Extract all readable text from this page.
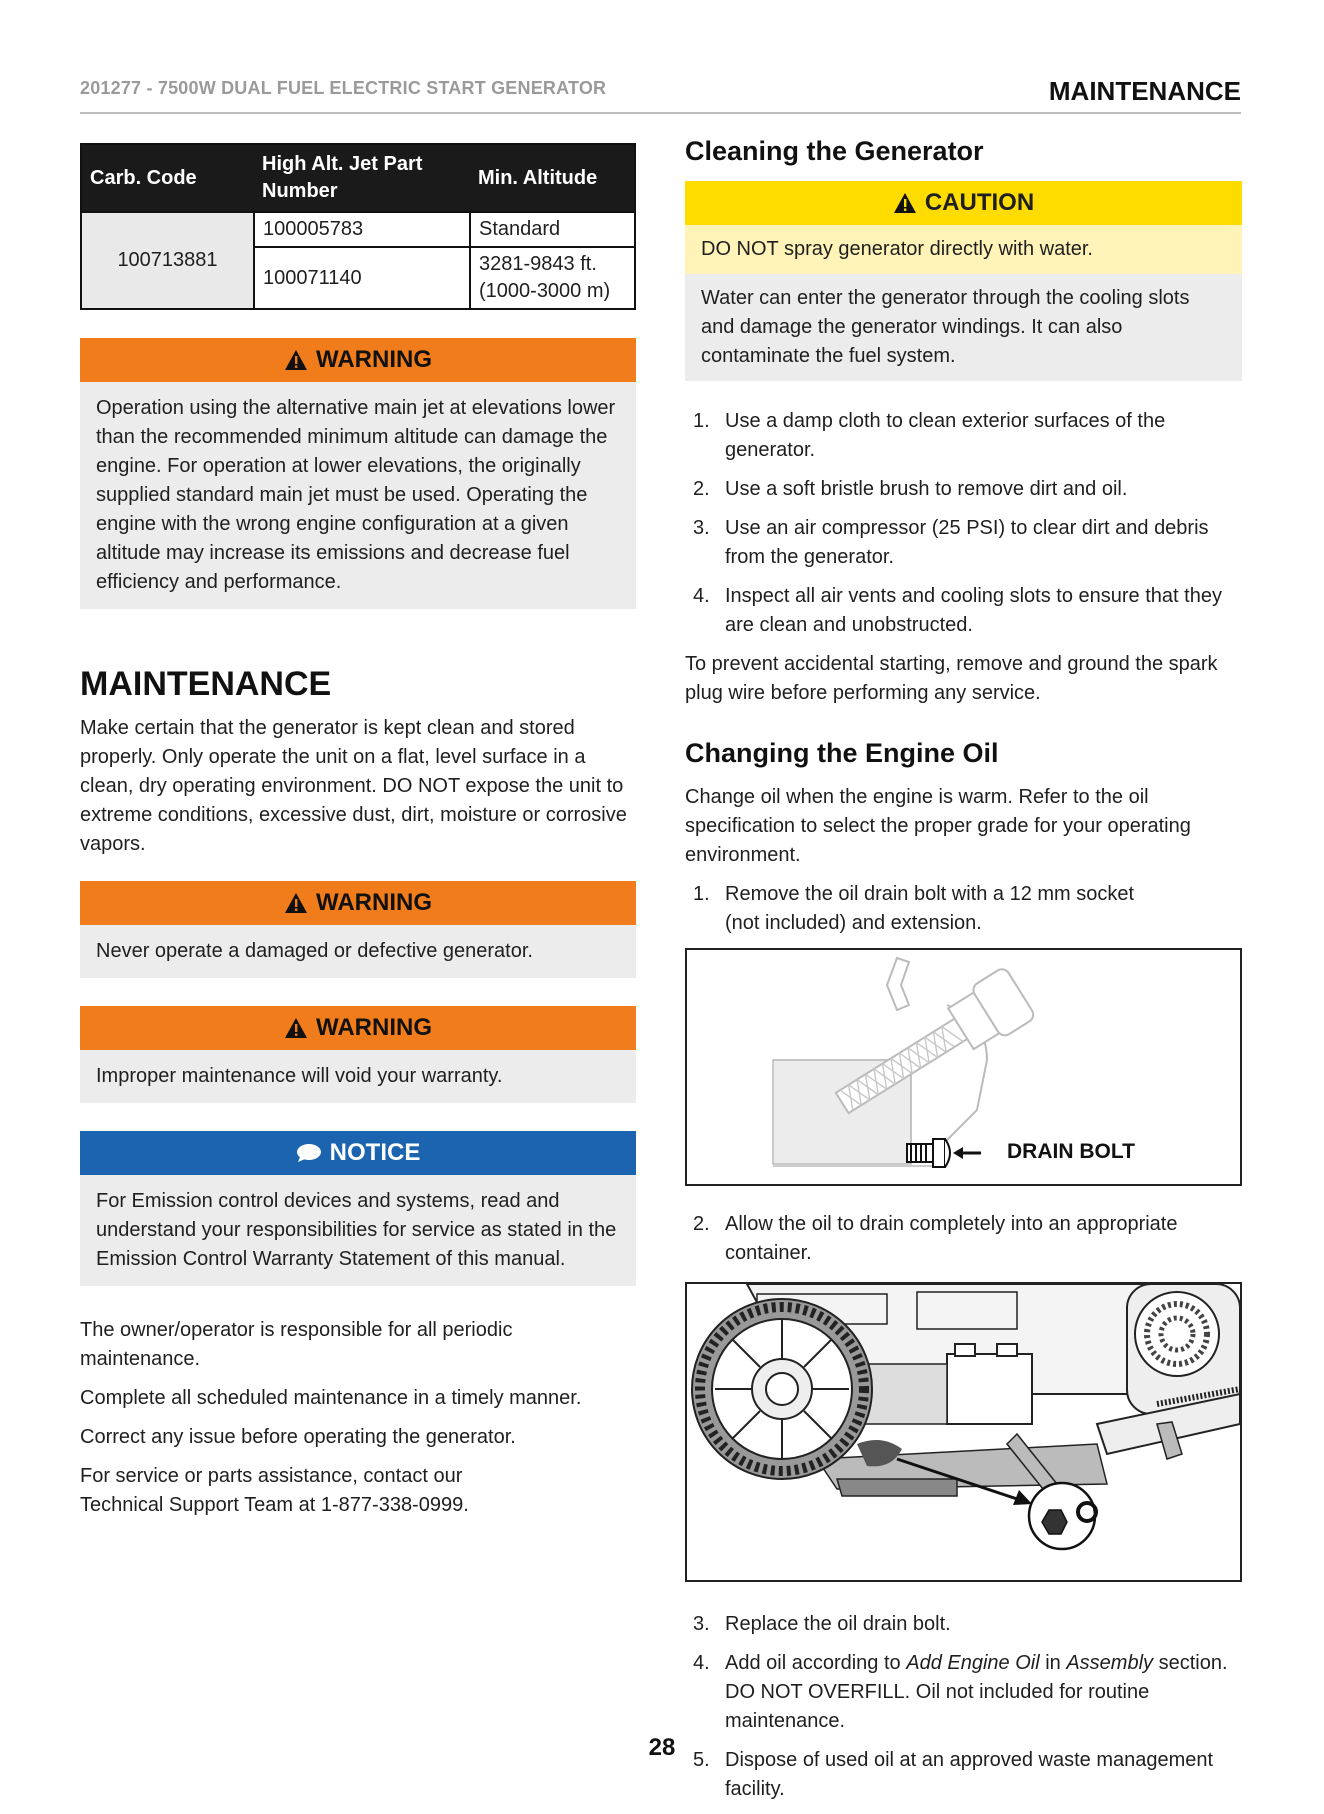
201277 - 7500W DUAL FUEL ELECTRIC START GENERATOR	MAINTENANCE
Carb. Code	High Alt. Jet Part Number	Min. Altitude
100713881	100005783	Standard
	100071140	3281-9843 ft. (1000-3000 m)
WARNING
Operation using the alternative main jet at elevations lower than the recommended minimum altitude can damage the engine. For operation at lower elevations, the originally supplied standard main jet must be used. Operating the engine with the wrong engine configuration at a given altitude may increase its emissions and decrease fuel efficiency and performance.
MAINTENANCE

Make certain that the generator is kept clean and stored properly. Only operate the unit on a flat, level surface in a clean, dry operating environment. DO NOT expose the unit to extreme conditions, excessive dust, dirt, moisture or corrosive vapors.

WARNING
Never operate a damaged or defective generator.
WARNING
Improper maintenance will void your warranty.
NOTICE
For Emission control devices and systems, read and understand your responsibilities for service as stated in the Emission Control Warranty Statement of this manual.

The owner/operator is responsible for all periodic maintenance.

Complete all scheduled maintenance in a timely manner.

Correct any issue before operating the generator.

For service or parts assistance, contact our
Technical Support Team at 1-877-338-0999.

Cleaning the Generator
CAUTION
DO NOT spray generator directly with water.
Water can enter the generator through the cooling slots and damage the generator windings. It can also contaminate the fuel system.
1. Use a damp cloth to clean exterior surfaces of the generator.
2. Use a soft bristle brush to remove dirt and oil.
3. Use an air compressor (25 PSI) to clear dirt and debris from the generator.
4. Inspect all air vents and cooling slots to ensure that they are clean and unobstructed.

To prevent accidental starting, remove and ground the spark plug wire before performing any service.

Changing the Engine Oil

Change oil when the engine is warm. Refer to the oil specification to select the proper grade for your operating environment.

1. Remove the oil drain bolt with a 12 mm socket
(not included) and extension.
DRAIN BOLT
2. Allow the oil to drain completely into an appropriate container.
3. Replace the oil drain bolt.
4. Add oil according to Add Engine Oil in Assembly section.
DO NOT OVERFILL. Oil not included for routine maintenance.
5. Dispose of used oil at an approved waste management facility.
28
